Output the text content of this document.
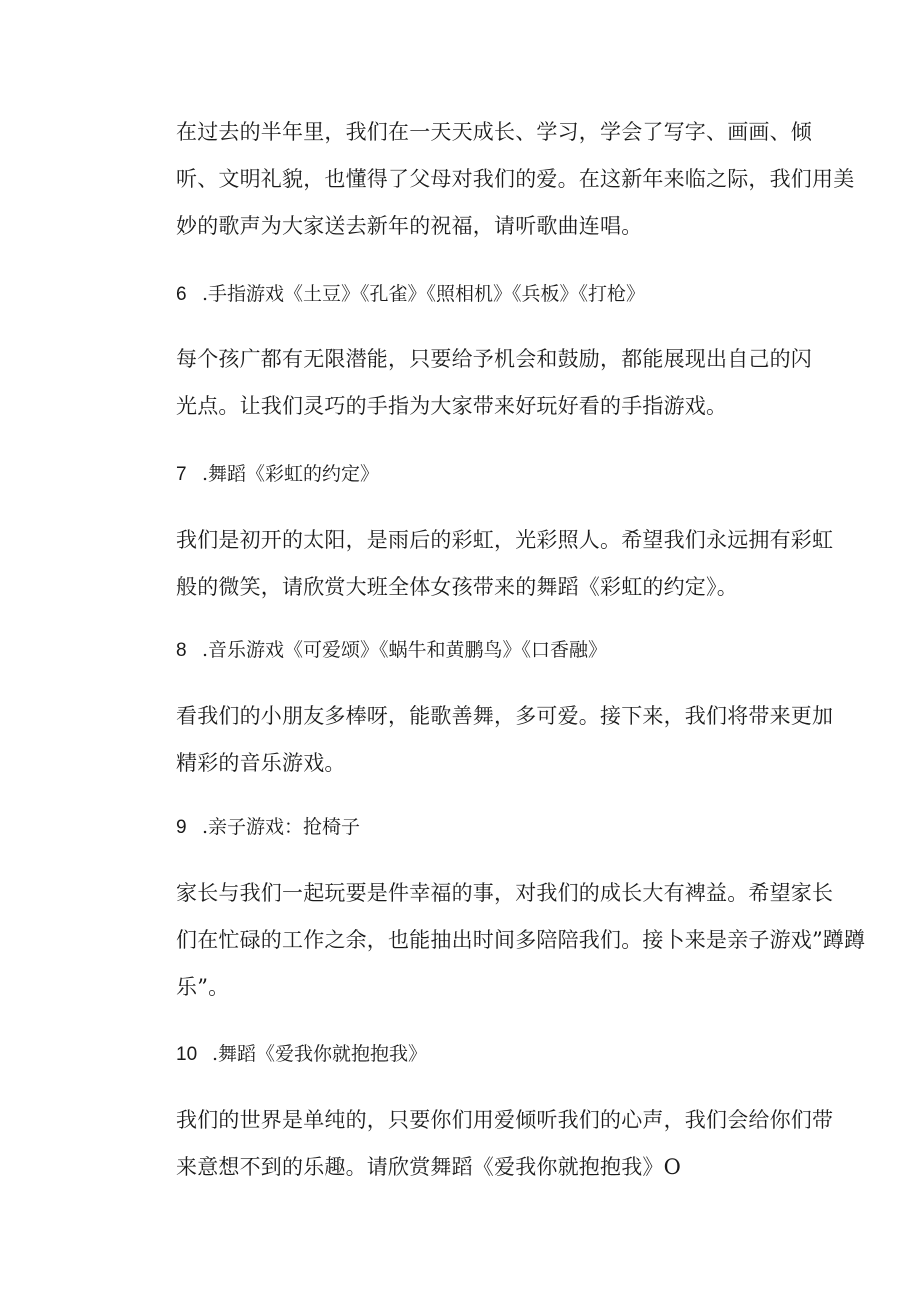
在过去的半年里，我们在一天天成长、学习，学会了写字、画画、倾
听、文明礼貌，也懂得了父母对我们的爱。在这新年来临之际，我们用美
妙的歌声为大家送去新年的祝福，请听歌曲连唱。
6 .手指游戏《土豆》《孔雀》《照相机》《兵板》《打枪》
每个孩广都有无限潜能，只要给予机会和鼓励，都能展现出自己的闪
光点。让我们灵巧的手指为大家带来好玩好看的手指游戏。
7 .舞蹈《彩虹的约定》
我们是初开的太阳，是雨后的彩虹，光彩照人。希望我们永远拥有彩虹
般的微笑，请欣赏大班全体女孩带来的舞蹈《彩虹的约定》。
8 .音乐游戏《可爱颂》《蜗牛和黄鹏鸟》《口香融》
看我们的小朋友多棒呀，能歌善舞，多可爱。接下来，我们将带来更加
精彩的音乐游戏。
9 .亲子游戏：抢椅子
家长与我们一起玩要是件幸福的事，对我们的成长大有裨益。希望家长
们在忙碌的工作之余，也能抽出时间多陪陪我们。接卜来是亲子游戏”蹲蹲
乐”。
10 .舞蹈《爱我你就抱抱我》
我们的世界是单纯的，只要你们用爱倾听我们的心声，我们会给你们带
来意想不到的乐趣。请欣赏舞蹈《爱我你就抱抱我》O
